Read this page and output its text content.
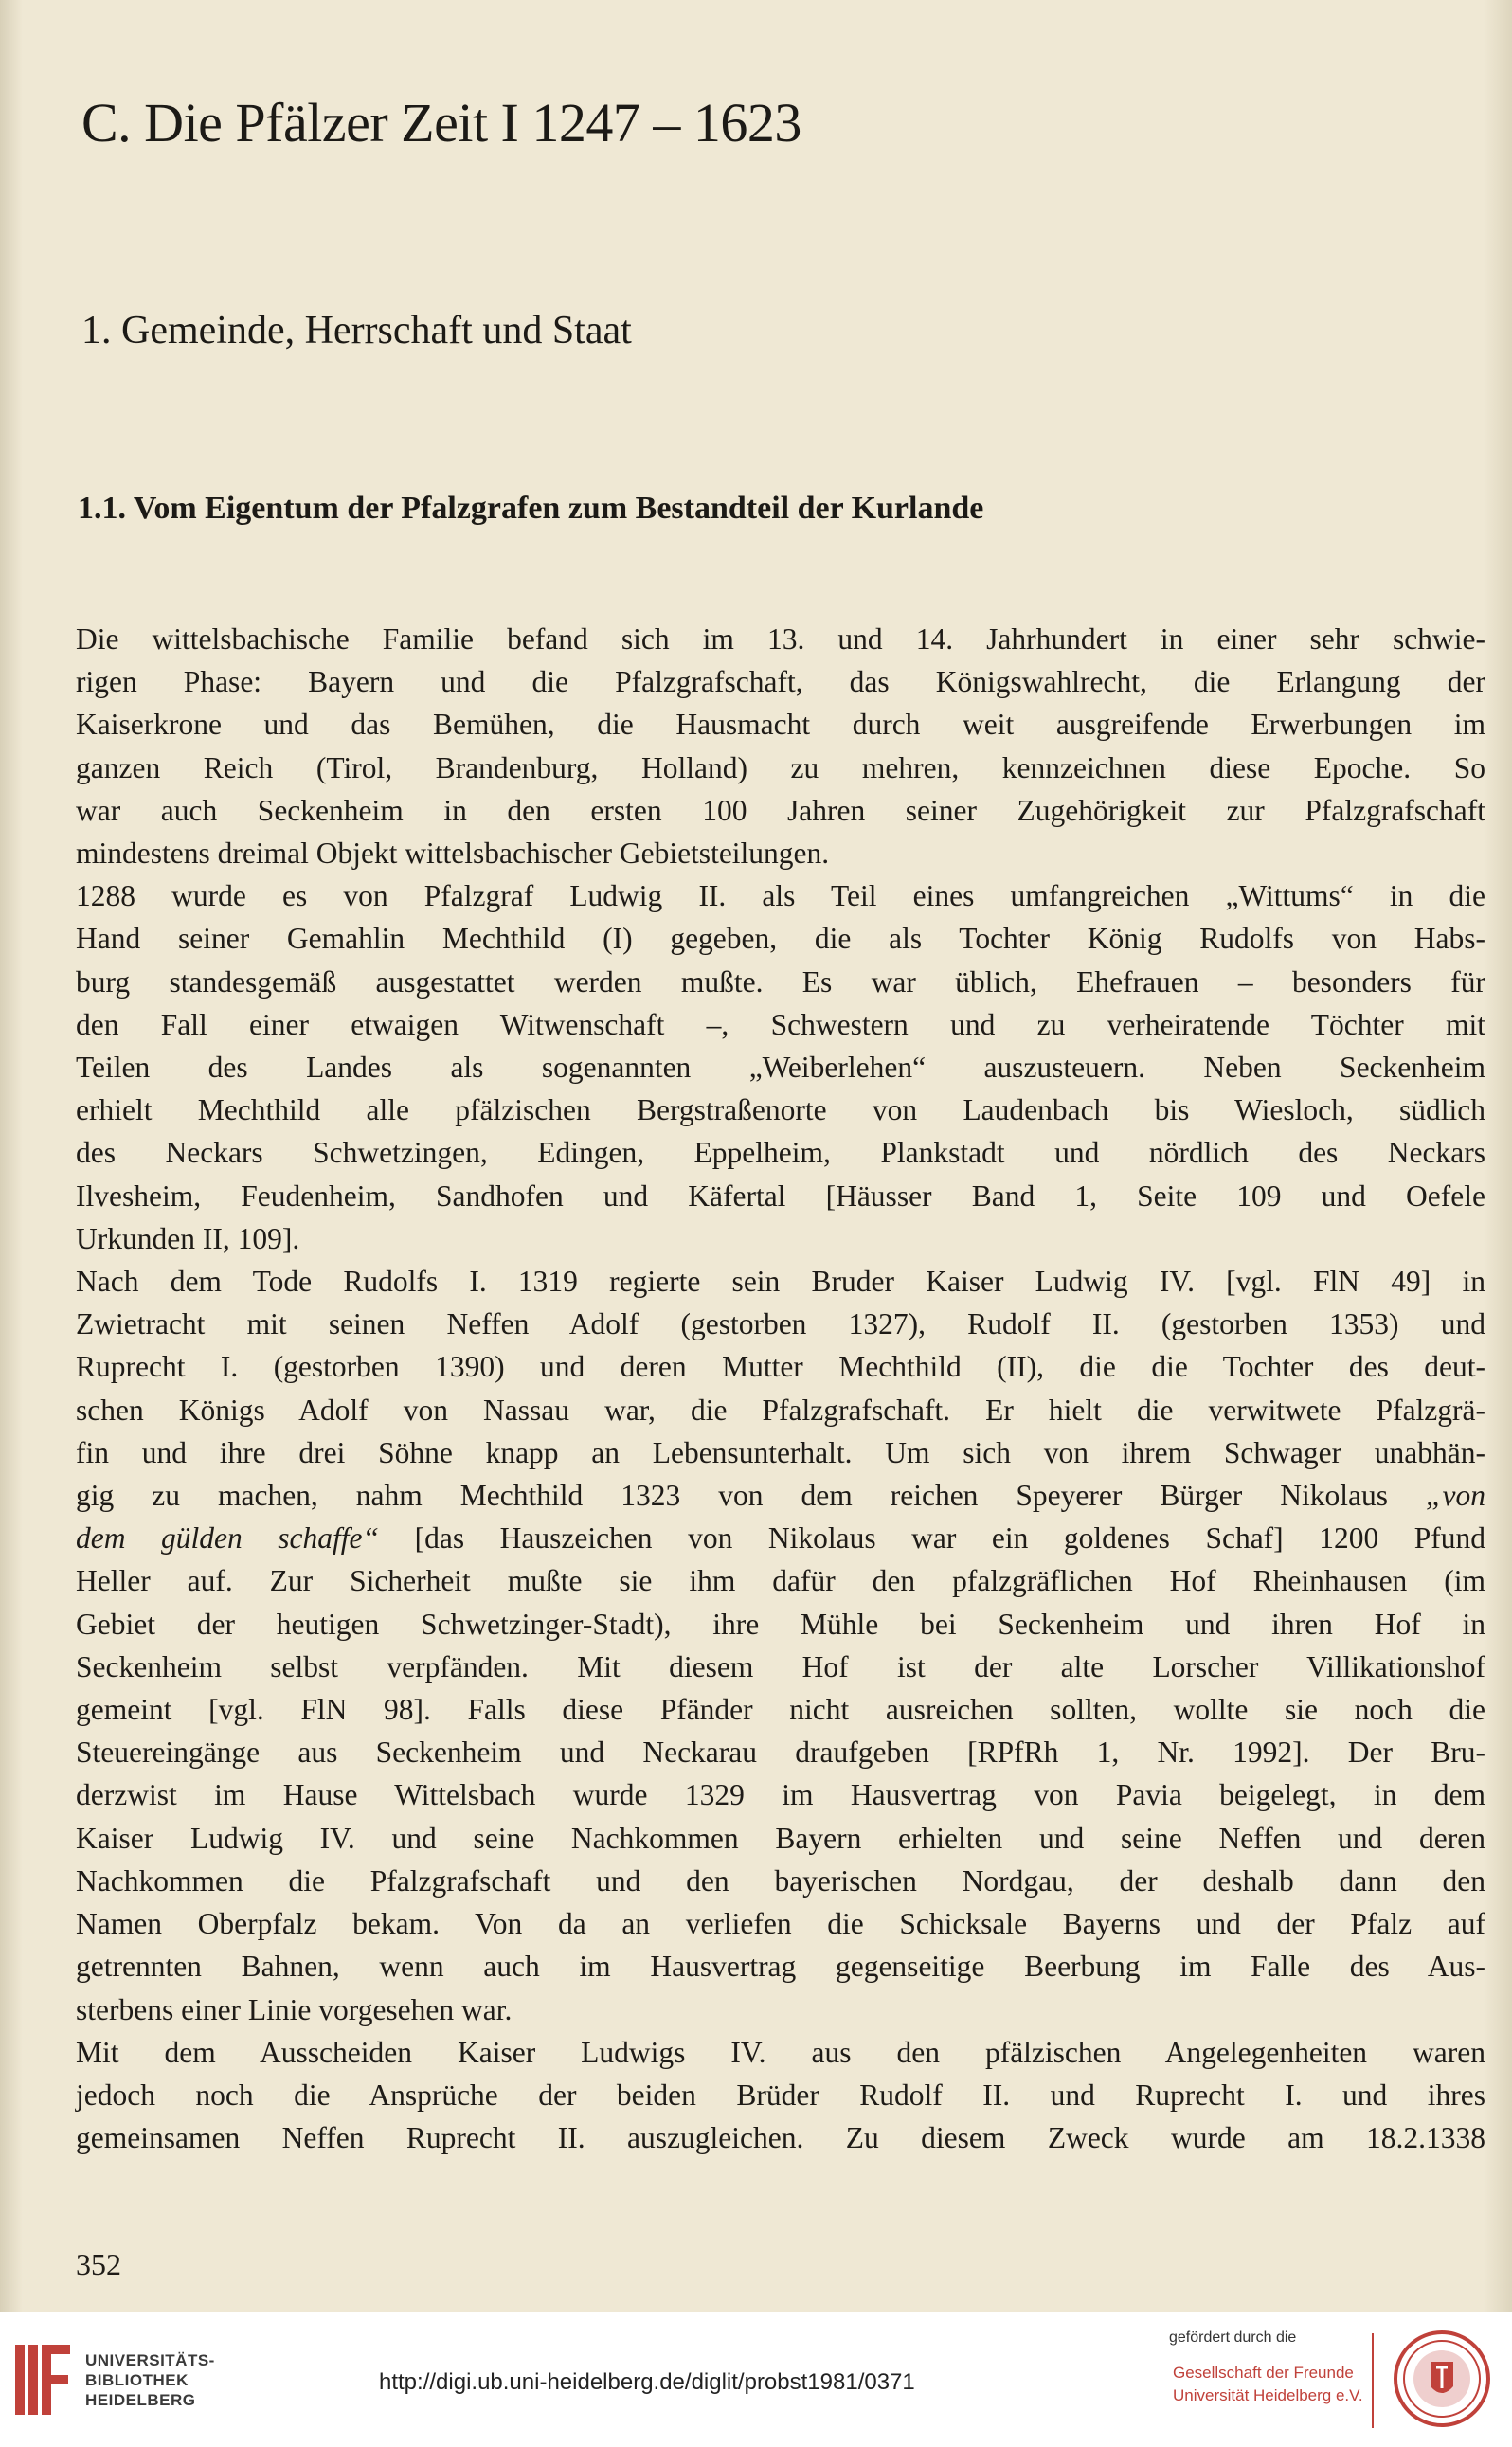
C. Die Pfälzer Zeit I 1247 – 1623
1. Gemeinde, Herrschaft und Staat
1.1. Vom Eigentum der Pfalzgrafen zum Bestandteil der Kurlande
Die wittelsbachische Familie befand sich im 13. und 14. Jahrhundert in einer sehr schwie-
rigen Phase: Bayern und die Pfalzgrafschaft, das Königswahlrecht, die Erlangung der
Kaiserkrone und das Bemühen, die Hausmacht durch weit ausgreifende Erwerbungen im
ganzen Reich (Tirol, Brandenburg, Holland) zu mehren, kennzeichnen diese Epoche. So
war auch Seckenheim in den ersten 100 Jahren seiner Zugehörigkeit zur Pfalzgrafschaft
mindestens dreimal Objekt wittelsbachischer Gebietsteilungen.
1288 wurde es von Pfalzgraf Ludwig II. als Teil eines umfangreichen „Wittums“ in die
Hand seiner Gemahlin Mechthild (I) gegeben, die als Tochter König Rudolfs von Habs-
burg standesgemäß ausgestattet werden mußte. Es war üblich, Ehefrauen – besonders für
den Fall einer etwaigen Witwenschaft –, Schwestern und zu verheiratende Töchter mit
Teilen des Landes als sogenannten „Weiberlehen“ auszusteuern. Neben Seckenheim
erhielt Mechthild alle pfälzischen Bergstraßenorte von Laudenbach bis Wiesloch, südlich
des Neckars Schwetzingen, Edingen, Eppelheim, Plankstadt und nördlich des Neckars
Ilvesheim, Feudenheim, Sandhofen und Käfertal [Häusser Band 1, Seite 109 und Oefele
Urkunden II, 109].
Nach dem Tode Rudolfs I. 1319 regierte sein Bruder Kaiser Ludwig IV. [vgl. FlN 49] in
Zwietracht mit seinen Neffen Adolf (gestorben 1327), Rudolf II. (gestorben 1353) und
Ruprecht I. (gestorben 1390) und deren Mutter Mechthild (II), die die Tochter des deut-
schen Königs Adolf von Nassau war, die Pfalzgrafschaft. Er hielt die verwitwete Pfalzgrä-
fin und ihre drei Söhne knapp an Lebensunterhalt. Um sich von ihrem Schwager unabhän-
gig zu machen, nahm Mechthild 1323 von dem reichen Speyerer Bürger Nikolaus „von
dem gülden schaffe“ [das Hauszeichen von Nikolaus war ein goldenes Schaf] 1200 Pfund
Heller auf. Zur Sicherheit mußte sie ihm dafür den pfalzgräflichen Hof Rheinhausen (im
Gebiet der heutigen Schwetzinger-Stadt), ihre Mühle bei Seckenheim und ihren Hof in
Seckenheim selbst verpfänden. Mit diesem Hof ist der alte Lorscher Villikationshof
gemeint [vgl. FlN 98]. Falls diese Pfänder nicht ausreichen sollten, wollte sie noch die
Steuereingänge aus Seckenheim und Neckarau draufgeben [RPfRh 1, Nr. 1992]. Der Bru-
derzwist im Hause Wittelsbach wurde 1329 im Hausvertrag von Pavia beigelegt, in dem
Kaiser Ludwig IV. und seine Nachkommen Bayern erhielten und seine Neffen und deren
Nachkommen die Pfalzgrafschaft und den bayerischen Nordgau, der deshalb dann den
Namen Oberpfalz bekam. Von da an verliefen die Schicksale Bayerns und der Pfalz auf
getrennten Bahnen, wenn auch im Hausvertrag gegenseitige Beerbung im Falle des Aus-
sterbens einer Linie vorgesehen war.
Mit dem Ausscheiden Kaiser Ludwigs IV. aus den pfälzischen Angelegenheiten waren
jedoch noch die Ansprüche der beiden Brüder Rudolf II. und Ruprecht I. und ihres
gemeinsamen Neffen Ruprecht II. auszugleichen. Zu diesem Zweck wurde am 18.2.1338
352
UNIVERSITÄTS-
BIBLIOTHEK
HEIDELBERG
http://digi.ub.uni-heidelberg.de/diglit/probst1981/0371
gefördert durch die
Gesellschaft der Freunde
Universität Heidelberg e.V.
